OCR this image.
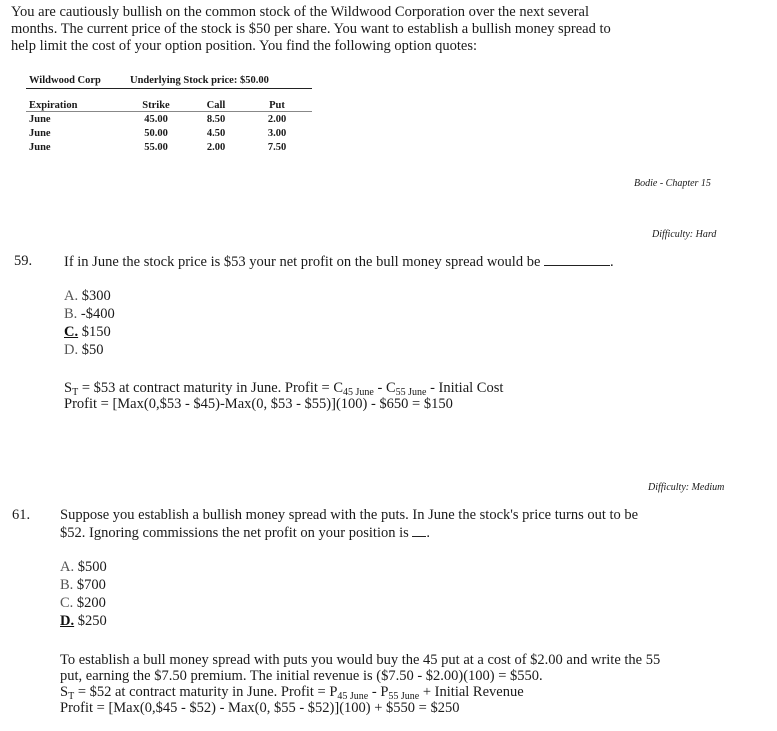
You are cautiously bullish on the common stock of the Wildwood Corporation over the next several
months. The current price of the stock is $50 per share. You want to establish a bullish money spread to
help limit the cost of your option position. You find the following option quotes:
Wildwood Corp	Underlying Stock price: $50.00
Expiration	Strike	Call	Put
June	45.00	8.50	2.00
June	50.00	4.50	3.00
June	55.00	2.00	7.50
Bodie - Chapter 15
Difficulty: Hard
59. If in June the stock price is $53 your net profit on the bull money spread would be	.
A. $300
B. -$400
C. $150
D. $50
$S_T$ = $53 at contract maturity in June. Profit = $C_{45 June} - C_{55 June}$ - Initial Cost
Profit = [Max(0,$53 - $45)-Max(0, $53 - $55)](100) - $650 = $150
Difficulty: Medium
61. Suppose you establish a bullish money spread with the puts. In June the stock's price turns out to be
$52. Ignoring commissions the net profit on your position is .
A. $500
B. $700
C. $200
D. $250
To establish a bull money spread with puts you would buy the 45 put at a cost of $2.00 and write the 55
put, earning the $7.50 premium. The initial revenue is ($7.50 - $2.00)(100) = $550.
$S_T$ = $52 at contract maturity in June. Profit = $P_{45 June} - P_{55 June}$ + Initial Revenue
Profit = [Max(0,$45 - $52) - Max(0, $55 - $52)](100) + $550 = $250
